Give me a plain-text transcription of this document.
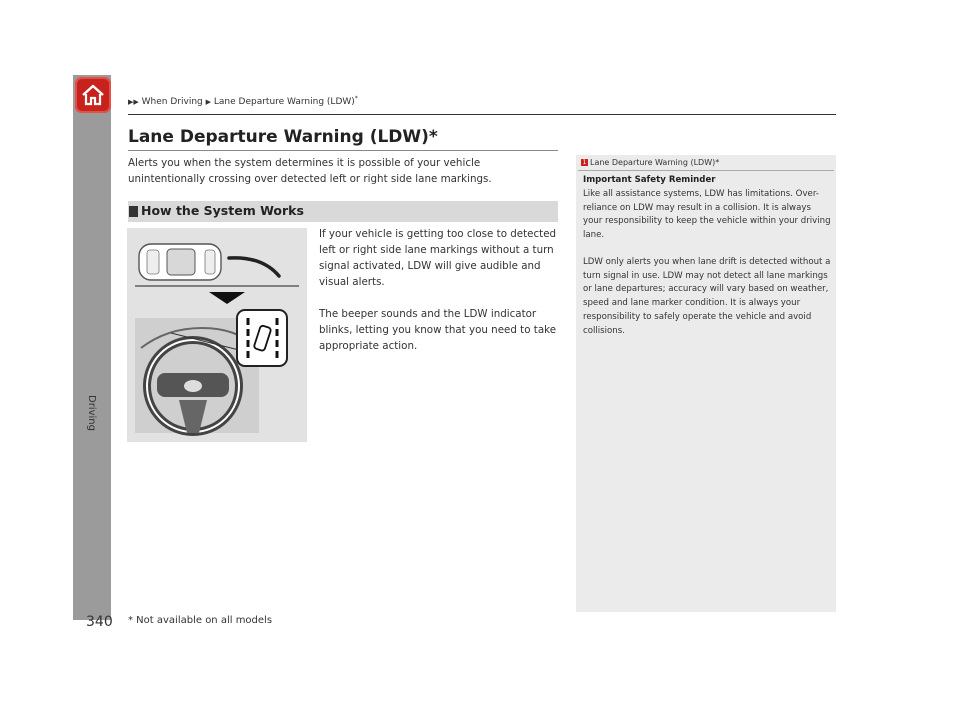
Driving
▶▶ When Driving ▶ Lane Departure Warning (LDW)*
Lane Departure Warning (LDW)*
Alerts you when the system determines it is possible of your vehicle unintentionally crossing over detected left or right side lane markings.
How the System Works

If your vehicle is getting too close to detected left or right side lane markings without a turn signal activated, LDW will give audible and visual alerts.

The beeper sounds and the LDW indicator blinks, letting you know that you need to take appropriate action.

1 Lane Departure Warning (LDW)*
Important Safety Reminder
Like all assistance systems, LDW has limitations. Over-reliance on LDW may result in a collision. It is always your responsibility to keep the vehicle within your driving lane.
LDW only alerts you when lane drift is detected without a turn signal in use. LDW may not detect all lane markings or lane departures; accuracy will vary based on weather, speed and lane marker condition. It is always your responsibility to safely operate the vehicle and avoid collisions.
340 * Not available on all models
